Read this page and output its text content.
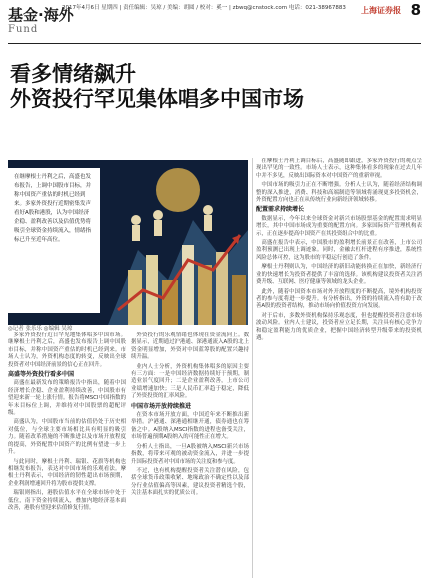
基金·海外
Fund
2017年4月6日 星期四 | 责任编辑：吴琼 / 美编：胡圆 / 校对：奚一 | zbwq@cnstock.com 电话：021-38967883 上海证券报 8
看多情绪飙升
外资投行罕见集体唱多中国市场
在继摩根士丹利之后，高盛也发布报告，上调中国股市目标，并称中国资产重估的时机已经到来。多家外资投行近期密集发声看好A股和港股，认为中国经济企稳、盈利改善以及估值优势将吸引全球资金持续流入，情绪指标已升至近年高位。
◎记者 张乐乐 ◎编辑 吴琼

多家外资投行近日罕见地集体唱多中国市场。继摩根士丹利之后，高盛也发布报告上调中国股市目标，并称中国资产重估的时机已经到来。市场人士认为，外资机构态度的转变，反映出全球投资者对中国经济前景的信心正在回升。

高盛等外资投行看多中国

高盛在最新发布的策略报告中指出，随着中国经济增长企稳、企业盈利持续改善，中国股市有望迎来新一轮上涨行情。报告将MSCI中国指数的年末目标位上调，并维持对中国股票的超配评级。

高盛认为，中国股市当前的估值仍处于历史相对低位，与全球主要市场相比具有明显的吸引力。随着改革措施的不断推进以及市场开放程度的提高，外资配置中国资产的比例有望进一步上升。

与此同时，摩根士丹利、瑞银、花旗等机构也相继发布报告，表达对中国市场的乐观看法。摩根士丹利表示，中国经济的韧性超出市场预期，企业利润增速回升将为股市提供支撑。

瑞银则指出，港股估值水平在全球市场中处于低位，南下资金持续流入，叠加内地经济基本面改善，港股有望迎来估值修复行情。

外资投行的乐观情绪也体现在资金流向上。数据显示，近期通过沪港通、深港通流入A股的北上资金明显增加，外资对中国蓝筹股的配置兴趣持续升温。

业内人士分析，外资机构集体唱多的原因主要有三方面：一是中国经济数据持续好于预期，制造业景气度回升；二是企业盈利改善，上市公司业绩增速加快；三是人民币汇率趋于稳定，降低了外资投资的汇率风险。

中国市场开放持续推进

在资本市场开放方面，中国近年来不断推出新举措。沪港通、深港通相继开通，债券通也在筹备之中。A股纳入MSCI指数的进程也备受关注，市场普遍预期A股纳入的可能性正在增大。

分析人士指出，一旦A股被纳入MSCI新兴市场指数，将带来可观的被动资金流入，并进一步提升国际投资者对中国市场的关注度和参与度。

不过，也有机构提醒投资者关注潜在风险，包括全球货币政策收紧、地缘政治不确定性以及部分行业估值偏高等因素，建议投资者精选个股，关注基本面扎实的优质公司。

在摩根士丹利上调目标后，高盛随即跟进，多家外资投行的观点呈现出罕见的一致性。市场人士表示，这种集体看多的现象在过去几年中并不多见，反映出国际资本对中国资产的重新审视。

中国市场的吸引力正在不断增强。分析人士认为，随着经济结构调整的深入推进，消费、科技和高端制造等领域将涌现更多投资机会，外资配置方向也正在从传统行业向新经济领域转移。

配置需求持续增长

数据显示，今年以来全球资金对新兴市场股票基金的配置需求明显增长，其中中国市场成为重要的配置方向。多家国际资产管理机构表示，正在逐步提高中国资产在其投资组合中的比重。

高盛在报告中表示，中国股市的盈利增长前景正在改善，上市公司盈利预测已出现上调迹象。同时，金融去杠杆进程有序推进，系统性风险总体可控，这为股市的平稳运行创造了条件。

摩根士丹利则认为，中国经济的新旧动能转换正在加快，新经济行业的快速增长为投资者提供了丰富的选择。该机构建议投资者关注消费升级、互联网、医疗健康等领域的龙头企业。

此外，随着中国资本市场对外开放程度的不断提高，境外机构投资者的参与度将进一步提升。有分析指出，外资的持续流入将有助于改善A股的投资者结构，推动市场向价值投资方向发展。

对于后市，多数外资机构保持乐观态度，但也提醒投资者注意市场波动风险。业内人士建议，投资者应立足长期，关注具有核心竞争力和稳定盈利能力的优质企业，把握中国经济转型升级带来的投资机遇。
